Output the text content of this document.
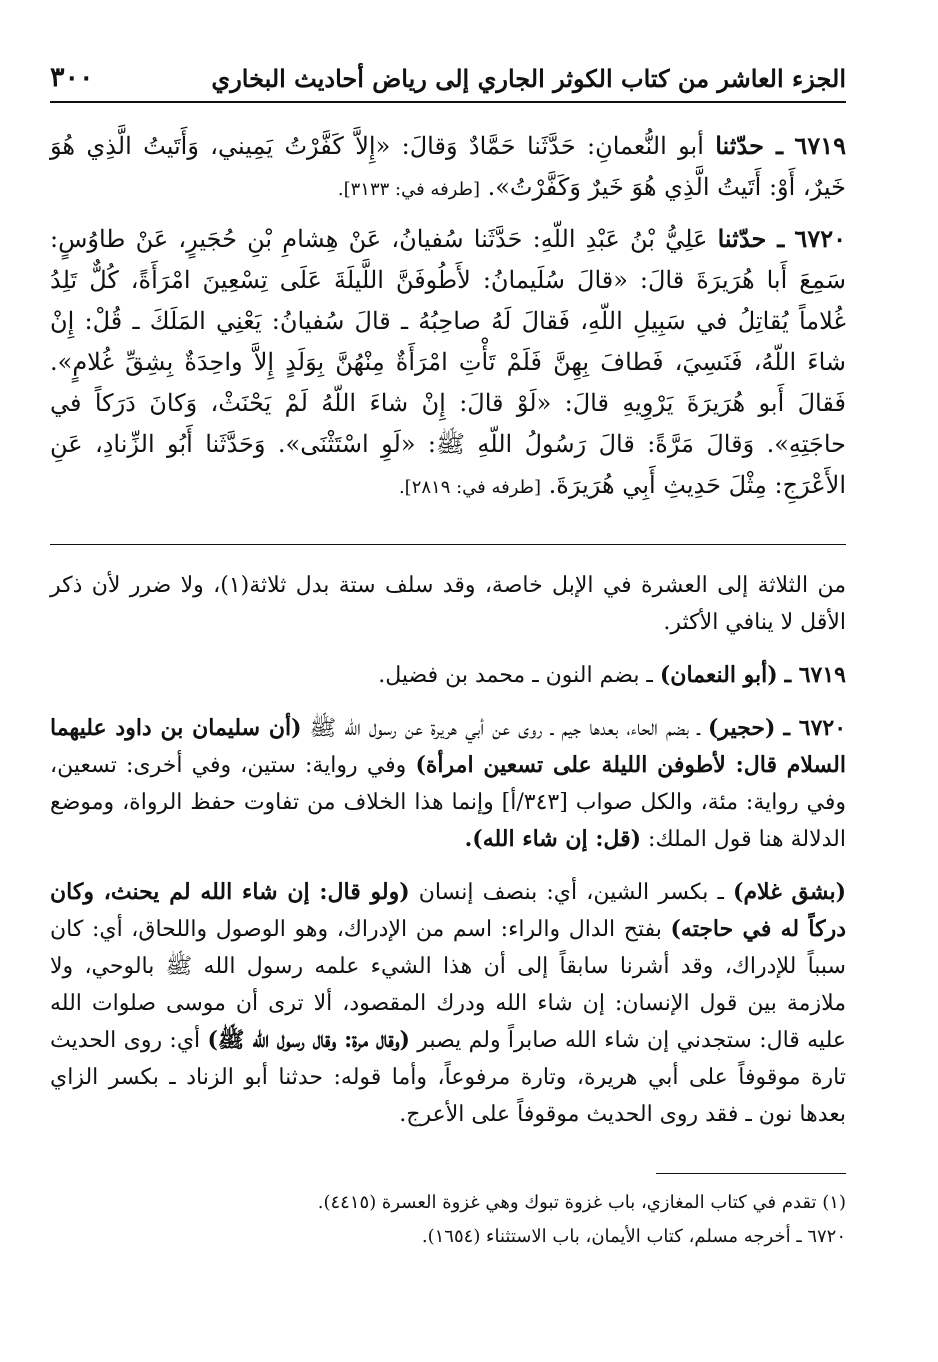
الجزء العاشر من كتاب الكوثر الجاري إلى رياض أحاديث البخاري
٣٠٠

٦٧١٩ ـ حدّثنا أبو النُّعمانِ: حَدَّثَنا حَمَّادٌ وَقالَ: «إِلاَّ كَفَّرْتُ يَمِيني، وَأَتَيتُ الَّذِي هُوَ خَيرٌ، أَوْ: أَتَيتُ الَّذِي هُوَ خَيرٌ وَكَفَّرْتُ». [طرفه في: ٣١٣٣].

٦٧٢٠ ـ حدّثنا عَلِيُّ بْنُ عَبْدِ اللّهِ: حَدَّثَنا سُفيانُ، عَنْ هِشامِ بْنِ حُجَيرٍ، عَنْ طاوُسٍ: سَمِعَ أَبا هُرَيرَةَ قالَ: «قالَ سُلَيمانُ: لأَطُوفَنَّ اللَّيلَةَ عَلَى تِسْعِينَ امْرَأَةً، كُلٌّ تَلِدُ غُلاماً يُقاتِلُ في سَبِيلِ اللّهِ، فَقالَ لَهُ صاحِبُهُ ـ قالَ سُفيانُ: يَعْنِي المَلَكَ ـ قُلْ: إِنْ شاءَ اللّهُ، فَنَسِيَ، فَطافَ بِهِنَّ فَلَمْ تَأْتِ امْرَأَةٌ مِنْهُنَّ بِوَلَدٍ إِلاَّ واحِدَةٌ بِشِقِّ غُلامٍ». فَقالَ أَبو هُرَيرَةَ يَرْوِيهِ قالَ: «لَوْ قالَ: إِنْ شاءَ اللّهُ لَمْ يَحْنَثْ، وَكانَ دَرَكاً في حاجَتِهِ». وَقالَ مَرَّةً: قالَ رَسُولُ اللّهِ ﷺ: «لَوِ اسْتَثْنَى». وَحَدَّثَنا أَبُو الزِّنادِ، عَنِ الأَعْرَجِ: مِثْلَ حَدِيثِ أَبِي هُرَيرَةَ. [طرفه في: ٢٨١٩].

من الثلاثة إلى العشرة في الإبل خاصة، وقد سلف ستة بدل ثلاثة(١)، ولا ضرر لأن ذكر الأقل لا ينافي الأكثر.

٦٧١٩ ـ (أبو النعمان) ـ بضم النون ـ محمد بن فضيل.

٦٧٢٠ ـ (حجير) ـ بضم الحاء، بعدها جيم ـ روى عن أبي هريرة عن رسول الله ﷺ (أن سليمان بن داود عليهما السلام قال: لأطوفن الليلة على تسعين امرأة) وفي رواية: ستين، وفي أخرى: تسعين، وفي رواية: مئة، والكل صواب [٣٤٣/أ] وإنما هذا الخلاف من تفاوت حفظ الرواة، وموضع الدلالة هنا قول الملك: (قل: إن شاء الله).

(بشق غلام) ـ بكسر الشين، أي: بنصف إنسان (ولو قال: إن شاء الله لم يحنث، وكان دركاً له في حاجته) بفتح الدال والراء: اسم من الإدراك، وهو الوصول واللحاق، أي: كان سبباً للإدراك، وقد أشرنا سابقاً إلى أن هذا الشيء علمه رسول الله ﷺ بالوحي، ولا ملازمة بين قول الإنسان: إن شاء الله ودرك المقصود، ألا ترى أن موسى صلوات الله عليه قال: ستجدني إن شاء الله صابراً ولم يصبر (وقال مرة: وقال رسول الله ﷺ) أي: روى الحديث تارة موقوفاً على أبي هريرة، وتارة مرفوعاً، وأما قوله: حدثنا أبو الزناد ـ بكسر الزاي بعدها نون ـ فقد روى الحديث موقوفاً على الأعرج.

(١) تقدم في كتاب المغازي، باب غزوة تبوك وهي غزوة العسرة (٤٤١٥).

٦٧٢٠ ـ أخرجه مسلم، كتاب الأيمان، باب الاستثناء (١٦٥٤).
